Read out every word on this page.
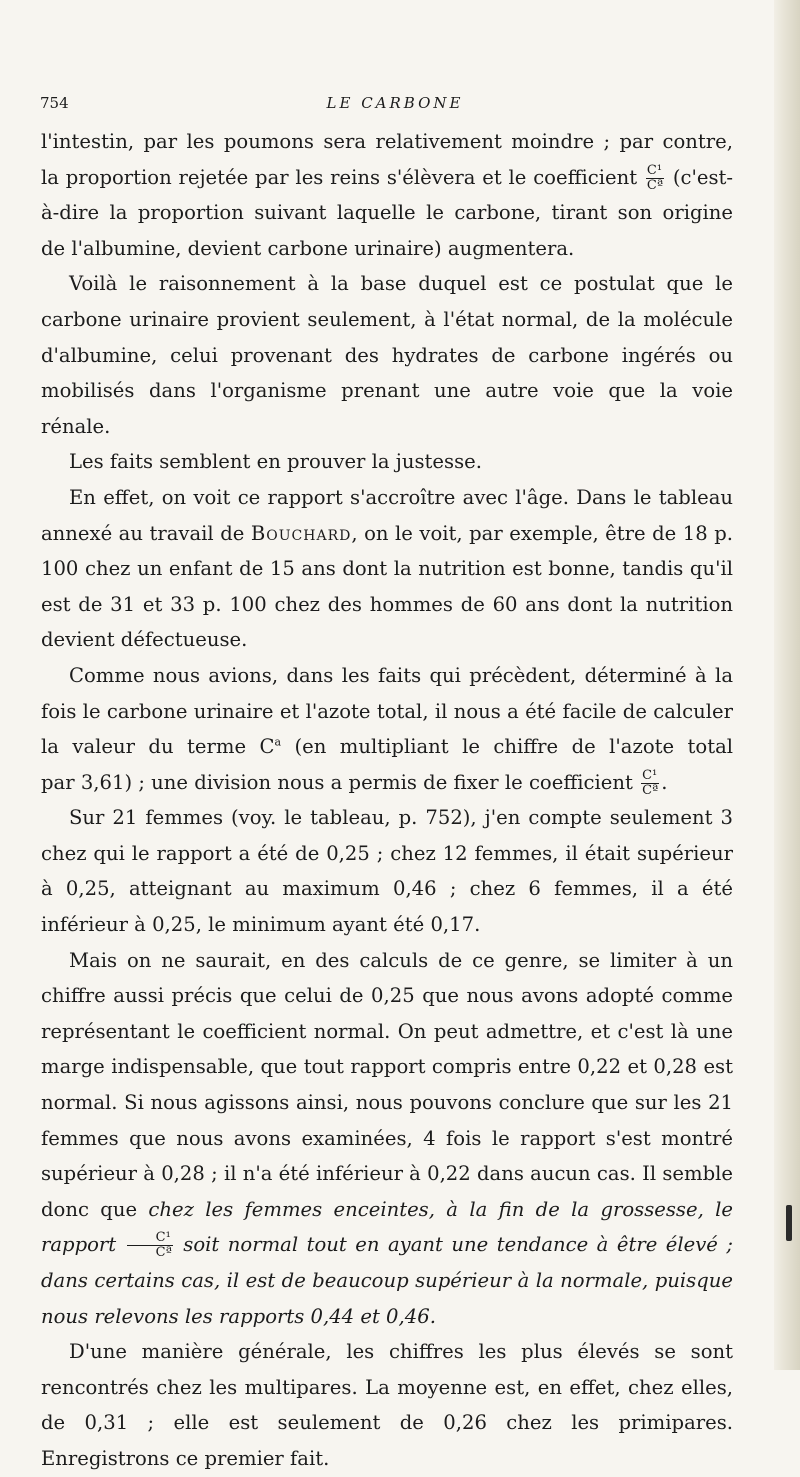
754	LE CARBONE

l'intestin, par les poumons sera relativement moindre ; par contre,

la proportion rejetée par les reins s'élèvera et le coefficient $\frac{\text{C¹}}{\text{Cª}} (c'est-$

à-dire la proportion suivant laquelle le carbone, tirant son origine

de l'albumine, devient carbone urinaire) augmentera.

Voilà le raisonnement à la base duquel est ce postulat que le carbone urinaire provient seulement, à l'état normal, de la molécule d'albumine, celui provenant des hydrates de carbone ingérés ou mobilisés dans l'organisme prenant une autre voie que la voie rénale.

Les faits semblent en prouver la justesse.

En effet, on voit ce rapport s'accroître avec l'âge. Dans le tableau annexé au travail de Bouchard, on le voit, par exemple, être de 18 p. 100 chez un enfant de 15 ans dont la nutrition est bonne, tandis qu'il est de 31 et 33 p. 100 chez des hommes de 60 ans dont la nutrition devient défectueuse.

Comme nous avions, dans les faits qui précèdent, déterminé à la fois le carbone urinaire et l'azote total, il nous a été facile de calculer la valeur du terme $C^a$ (en multipliant le chiffre de l'azote total

par 3,61) ; une division nous a permis de fixer le coefficient $\frac{\text{C¹}}{\text{Cª}}$ .

Sur 21 femmes (voy. le tableau, p. 752), j'en compte seulement 3 chez qui le rapport a été de 0,25 ; chez 12 femmes, il était supérieur à 0,25, atteignant au maximum 0,46 ; chez 6 femmes, il a été inférieur à 0,25, le minimum ayant été 0,17.

Mais on ne saurait, en des calculs de ce genre, se limiter à un chiffre aussi précis que celui de 0,25 que nous avons adopté comme représentant le coefficient normal. On peut admettre, et c'est là une marge indispensable, que tout rapport compris entre 0,22 et 0,28 est normal. Si nous agissons ainsi, nous pouvons conclure que sur les 21 femmes que nous avons examinées, 4 fois le rapport s'est montré supérieur à 0,28 ; il n'a été inférieur à 0,22 dans aucun cas. Il semble donc que chez les femmes enceintes, à la fin de la grossesse, le rapport $\frac{\text{C¹}}{\text{Cª}}$ soit normal tout en ayant une tendance à être élevé ; dans certains cas, il est de beaucoup supérieur à la normale, puisque nous relevons les rapports 0,44 et 0,46.

D'une manière générale, les chiffres les plus élevés se sont rencontrés chez les multipares. La moyenne est, en effet, chez elles, de 0,31 ; elle est seulement de 0,26 chez les primipares. Enregistrons ce premier fait.
